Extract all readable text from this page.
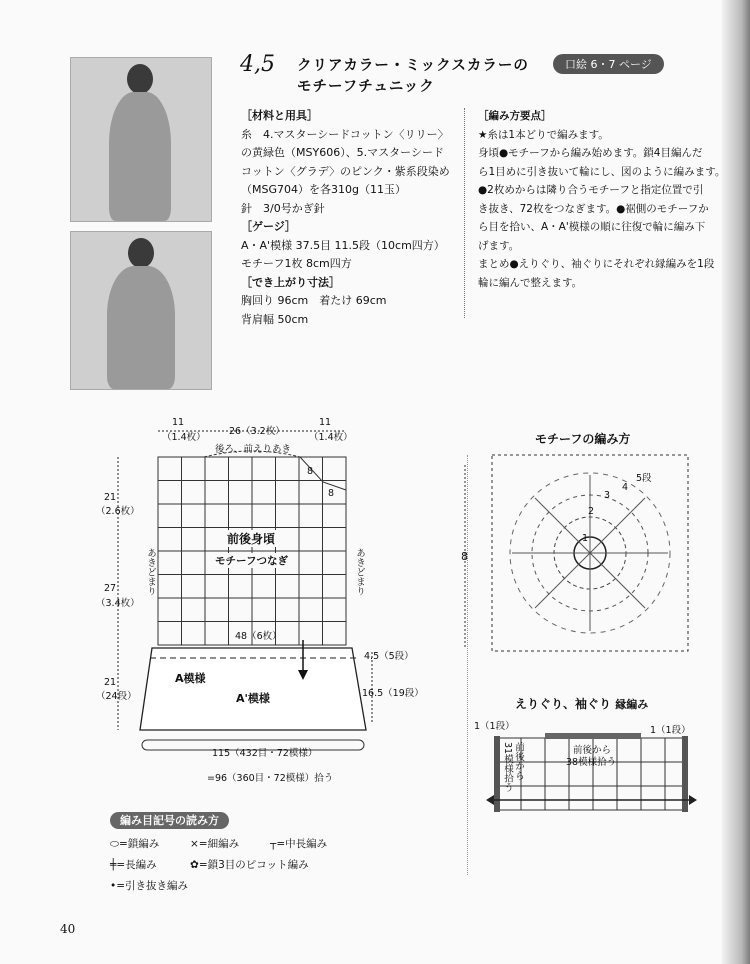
4,5 クリアカラー・ミックスカラーの
モチーフチュニック
口絵 6・7 ページ
［材料と用具］
糸　4.マスターシードコットン〈リリー〉
の黄緑色（MSY606）、5.マスターシード
コットン〈グラデ〉のピンク・紫系段染め
（MSG704）を各310g（11玉）
針　3/0号かぎ針
［ゲージ］
A・A'模様 37.5目 11.5段（10cm四方）
モチーフ1枚 8cm四方
［でき上がり寸法］
胸回り 96cm　着たけ 69cm
背肩幅 50cm
［編み方要点］
★糸は1本どりで編みます。
身頃●モチーフから編み始めます。鎖4目編んだ
ら1目めに引き抜いて輪にし、図のように編みます。
●2枚めからは隣り合うモチーフと指定位置で引
き抜き、72枚をつなぎます。●裾側のモチーフか
ら目を拾い、A・A'模様の順に往復で輪に編み下
げます。
まとめ●えりぐり、袖ぐりにそれぞれ縁編みを1段
輪に編んで整えます。
11
（1.4枚）
26（3.2枚）
11
（1.4枚）
後ろ、前えりあき
8
8
21
（2.6枚）
27
（3.4枚）
21
（24段）
前後身頃
モチーフつなぎ
あきどまり	あきどまり
48（6枚）
4.5（5段）
16.5（19段）
A模様
A'模様
115（432目・72模様）
=96（360目・72模様）拾う
モチーフの編み方
8
1
2
3
4
5段
えりぐり、袖ぐり 縁編み
1（1段）	1（1段）
前後から
31模様拾う	前後から
38模様拾う
編み目記号の読み方
⬭=鎖編み	×=細編み	┬=中長編み
╪=長編み	✿=鎖3目のピコット編み
•=引き抜き編み
40
